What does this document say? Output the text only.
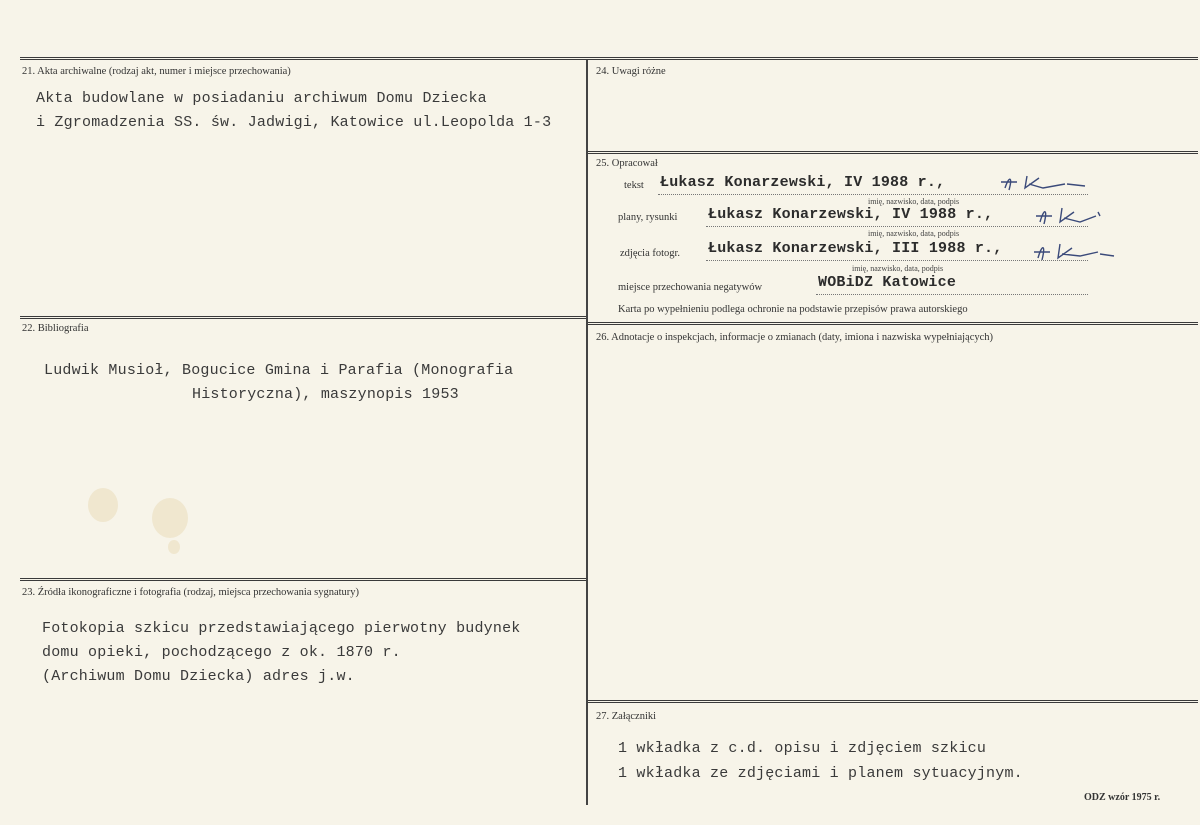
21. Akta archiwalne (rodzaj akt, numer i miejsce przechowania)
Akta budowlane w posiadaniu archiwum Domu Dziecka
i Zgromadzenia SS. św. Jadwigi, Katowice ul.Leopolda 1-3
22. Bibliografia
Ludwik Musioł, Bogucice Gmina i Parafia (Monografia
Historyczna), maszynopis 1953
23. Źródła ikonograficzne i fotografia (rodzaj, miejsca przechowania sygnatury)
Fotokopia szkicu przedstawiającego pierwotny budynek
domu opieki, pochodzącego z ok. 1870 r.
(Archiwum Domu Dziecka) adres j.w.
24. Uwagi różne
25. Opracował
tekst Łukasz Konarzewski, IV 1988 r.,
imię, nazwisko, data, podpis
plany, rysunki Łukasz Konarzewski, IV 1988 r.,
imię, nazwisko, data, podpis
zdjęcia fotogr. Łukasz Konarzewski, III 1988 r.,
imię, nazwisko, data, podpis
miejsce przechowania negatywów	WOBiDZ Katowice
Karta po wypełnieniu podlega ochronie na podstawie przepisów prawa autorskiego
26. Adnotacje o inspekcjach, informacje o zmianach (daty, imiona i nazwiska wypełniających)
27. Załączniki
1 wkładka z c.d. opisu i zdjęciem szkicu
1 wkładka ze zdjęciami i planem sytuacyjnym.
ODZ wzór 1975 r.
